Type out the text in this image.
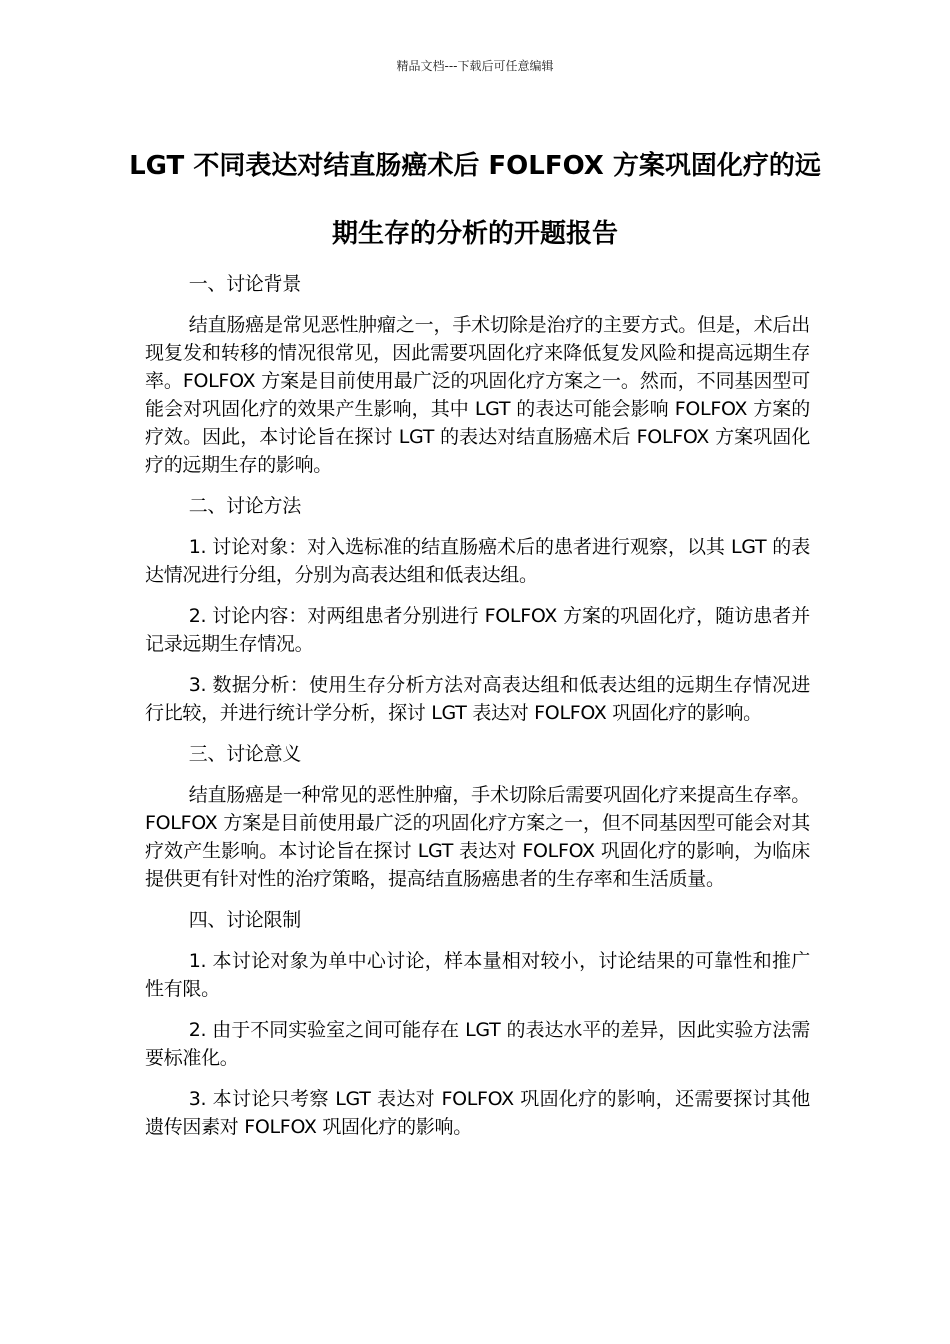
精品文档---下载后可任意编辑
LGT 不同表达对结直肠癌术后 FOLFOX 方案巩固化疗的远期生存的分析的开题报告

一、讨论背景

结直肠癌是常见恶性肿瘤之一，手术切除是治疗的主要方式。但是，术后出现复发和转移的情况很常见，因此需要巩固化疗来降低复发风险和提高远期生存率。FOLFOX 方案是目前使用最广泛的巩固化疗方案之一。然而，不同基因型可能会对巩固化疗的效果产生影响，其中 LGT 的表达可能会影响 FOLFOX 方案的疗效。因此，本讨论旨在探讨 LGT 的表达对结直肠癌术后 FOLFOX 方案巩固化疗的远期生存的影响。

二、讨论方法

1. 讨论对象：对入选标准的结直肠癌术后的患者进行观察，以其 LGT 的表达情况进行分组，分别为高表达组和低表达组。

2. 讨论内容：对两组患者分别进行 FOLFOX 方案的巩固化疗，随访患者并记录远期生存情况。

3. 数据分析：使用生存分析方法对高表达组和低表达组的远期生存情况进行比较，并进行统计学分析，探讨 LGT 表达对 FOLFOX 巩固化疗的影响。

三、讨论意义

结直肠癌是一种常见的恶性肿瘤，手术切除后需要巩固化疗来提高生存率。FOLFOX 方案是目前使用最广泛的巩固化疗方案之一，但不同基因型可能会对其疗效产生影响。本讨论旨在探讨 LGT 表达对 FOLFOX 巩固化疗的影响，为临床提供更有针对性的治疗策略，提高结直肠癌患者的生存率和生活质量。

四、讨论限制

1. 本讨论对象为单中心讨论，样本量相对较小，讨论结果的可靠性和推广性有限。

2. 由于不同实验室之间可能存在 LGT 的表达水平的差异，因此实验方法需要标准化。

3. 本讨论只考察 LGT 表达对 FOLFOX 巩固化疗的影响，还需要探讨其他遗传因素对 FOLFOX 巩固化疗的影响。
